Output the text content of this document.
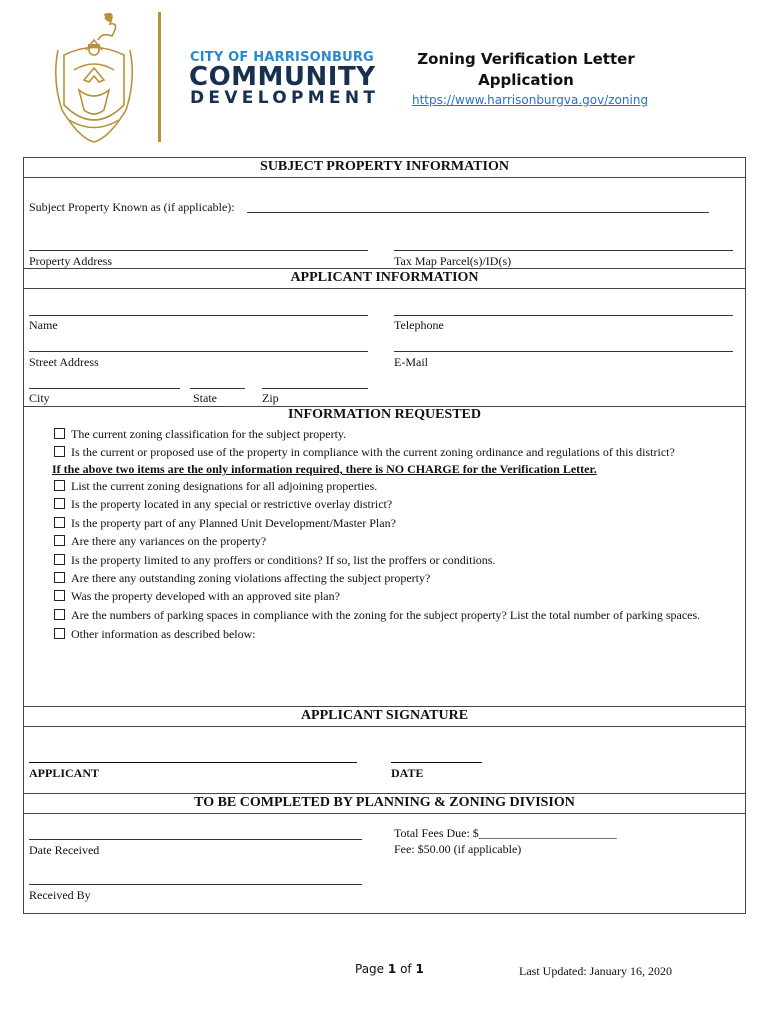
CITY OF HARRISONBURG
COMMUNITY
DEVELOPMENT
Zoning Verification Letter
Application
https://www.harrisonburgva.gov/zoning
SUBJECT PROPERTY INFORMATION
Subject Property Known as (if applicable):
Property Address	Tax Map Parcel(s)/ID(s)
APPLICANT INFORMATION
Name	Telephone
Street Address	E-Mail
City	State	Zip
INFORMATION REQUESTED
The current zoning classification for the subject property.
Is the current or proposed use of the property in compliance with the current zoning ordinance and regulations of this district?
If the above two items are the only information required, there is NO CHARGE for the Verification Letter.
List the current zoning designations for all adjoining properties.
Is the property located in any special or restrictive overlay district?
Is the property part of any Planned Unit Development/Master Plan?
Are there any variances on the property?
Is the property limited to any proffers or conditions? If so, list the proffers or conditions.
Are there any outstanding zoning violations affecting the subject property?
Was the property developed with an approved site plan?
Are the numbers of parking spaces in compliance with the zoning for the subject property? List the total number of parking spaces.
Other information as described below:
APPLICANT SIGNATURE
APPLICANT	DATE
TO BE COMPLETED BY PLANNING & ZONING DIVISION
Total Fees Due: $_______________________
Fee: $50.00 (if applicable)
Date Received
Received By
Page 1 of 1	Last Updated: January 16, 2020
